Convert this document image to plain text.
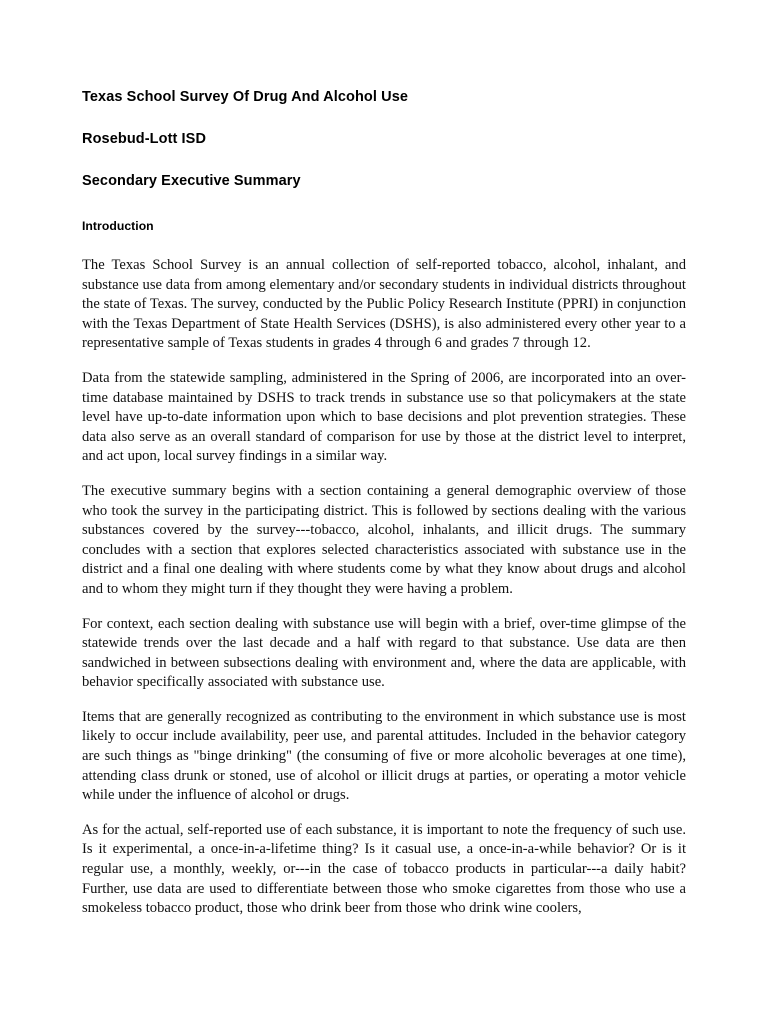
Texas School Survey Of Drug And Alcohol Use
Rosebud-Lott ISD
Secondary Executive Summary
Introduction

The Texas School Survey is an annual collection of self-reported tobacco, alcohol, inhalant, and substance use data from among elementary and/or secondary students in individual districts throughout the state of Texas. The survey, conducted by the Public Policy Research Institute (PPRI) in conjunction with the Texas Department of State Health Services (DSHS), is also administered every other year to a representative sample of Texas students in grades 4 through 6 and grades 7 through 12.

Data from the statewide sampling, administered in the Spring of 2006, are incorporated into an over-time database maintained by DSHS to track trends in substance use so that policymakers at the state level have up-to-date information upon which to base decisions and plot prevention strategies. These data also serve as an overall standard of comparison for use by those at the district level to interpret, and act upon, local survey findings in a similar way.

The executive summary begins with a section containing a general demographic overview of those who took the survey in the participating district. This is followed by sections dealing with the various substances covered by the survey---tobacco, alcohol, inhalants, and illicit drugs. The summary concludes with a section that explores selected characteristics associated with substance use in the district and a final one dealing with where students come by what they know about drugs and alcohol and to whom they might turn if they thought they were having a problem.

For context, each section dealing with substance use will begin with a brief, over-time glimpse of the statewide trends over the last decade and a half with regard to that substance. Use data are then sandwiched in between subsections dealing with environment and, where the data are applicable, with behavior specifically associated with substance use.

Items that are generally recognized as contributing to the environment in which substance use is most likely to occur include availability, peer use, and parental attitudes. Included in the behavior category are such things as "binge drinking" (the consuming of five or more alcoholic beverages at one time), attending class drunk or stoned, use of alcohol or illicit drugs at parties, or operating a motor vehicle while under the influence of alcohol or drugs.

As for the actual, self-reported use of each substance, it is important to note the frequency of such use. Is it experimental, a once-in-a-lifetime thing? Is it casual use, a once-in-a-while behavior? Or is it regular use, a monthly, weekly, or---in the case of tobacco products in particular---a daily habit? Further, use data are used to differentiate between those who smoke cigarettes from those who use a smokeless tobacco product, those who drink beer from those who drink wine coolers,
